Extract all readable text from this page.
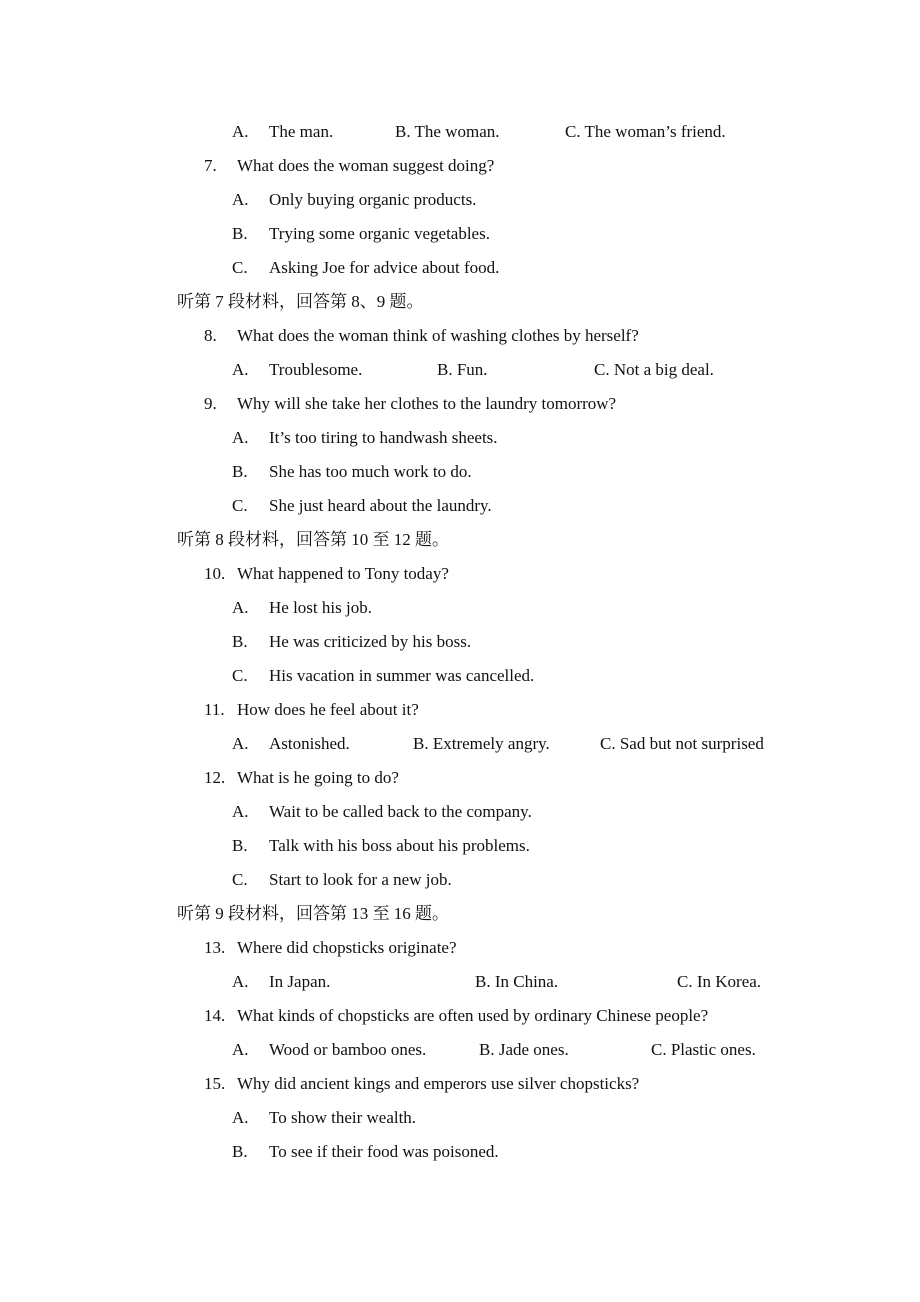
A. The man.	B. The woman.	C. The woman’s friend.
7. What does the woman suggest doing?
A. Only buying organic products.
B. Trying some organic vegetables.
C. Asking Joe for advice about food.
听第 7 段材料，回答第 8、9 题。
8. What does the woman think of washing clothes by herself?
A. Troublesome.	B. Fun.	C. Not a big deal.
9. Why will she take her clothes to the laundry tomorrow?
A. It’s too tiring to handwash sheets.
B. She has too much work to do.
C. She just heard about the laundry.
听第 8 段材料，回答第 10 至 12 题。
10. What happened to Tony today?
A. He lost his job.
B. He was criticized by his boss.
C. His vacation in summer was cancelled.
11. How does he feel about it?
A. Astonished.	B. Extremely angry.	C. Sad but not surprised
12. What is he going to do?
A. Wait to be called back to the company.
B. Talk with his boss about his problems.
C. Start to look for a new job.
听第 9 段材料，回答第 13 至 16 题。
13. Where did chopsticks originate?
A. In Japan.	B. In China.	C. In Korea.
14. What kinds of chopsticks are often used by ordinary Chinese people?
A. Wood or bamboo ones.	B. Jade ones.	C. Plastic ones.
15. Why did ancient kings and emperors use silver chopsticks?
A. To show their wealth.
B. To see if their food was poisoned.
